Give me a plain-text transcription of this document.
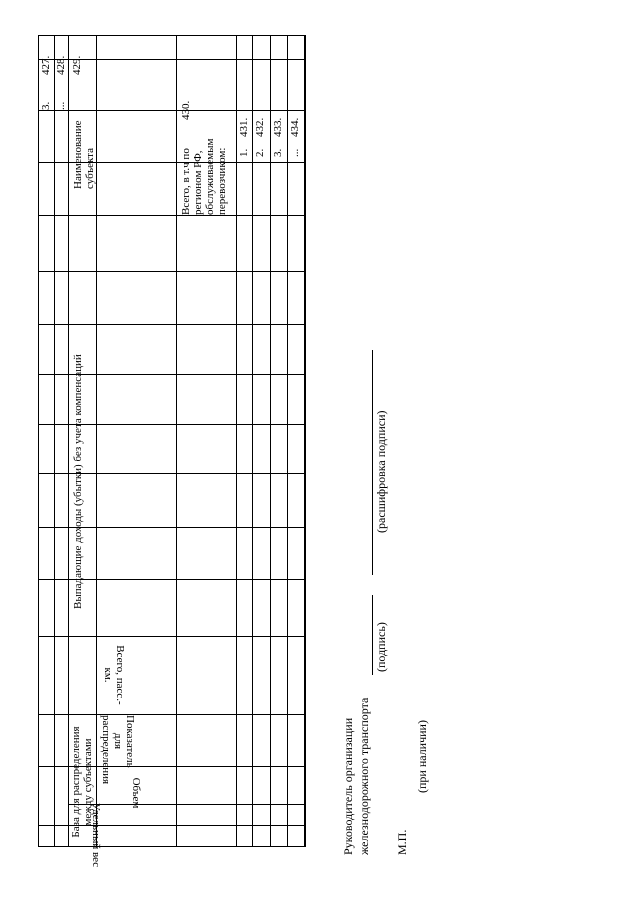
427. 428. 429.
430.
431. 432. 433. 434.
3. ...
Наименование субъекта	Всего, в т.ч по регионом РФ, обслуживаемым перевозчиком: 1. 2. 3. ...
Выпадающие доходы (убытки) без учета компенсаций
База для распределения между субъектами
Всего, пасс.-км.
Показатель для распределения
Объем
Удельный вес	Руководитель организации железнодорожного транспорта
(подпись)
(расшифровка подписи)
М.П.
(при наличии)
